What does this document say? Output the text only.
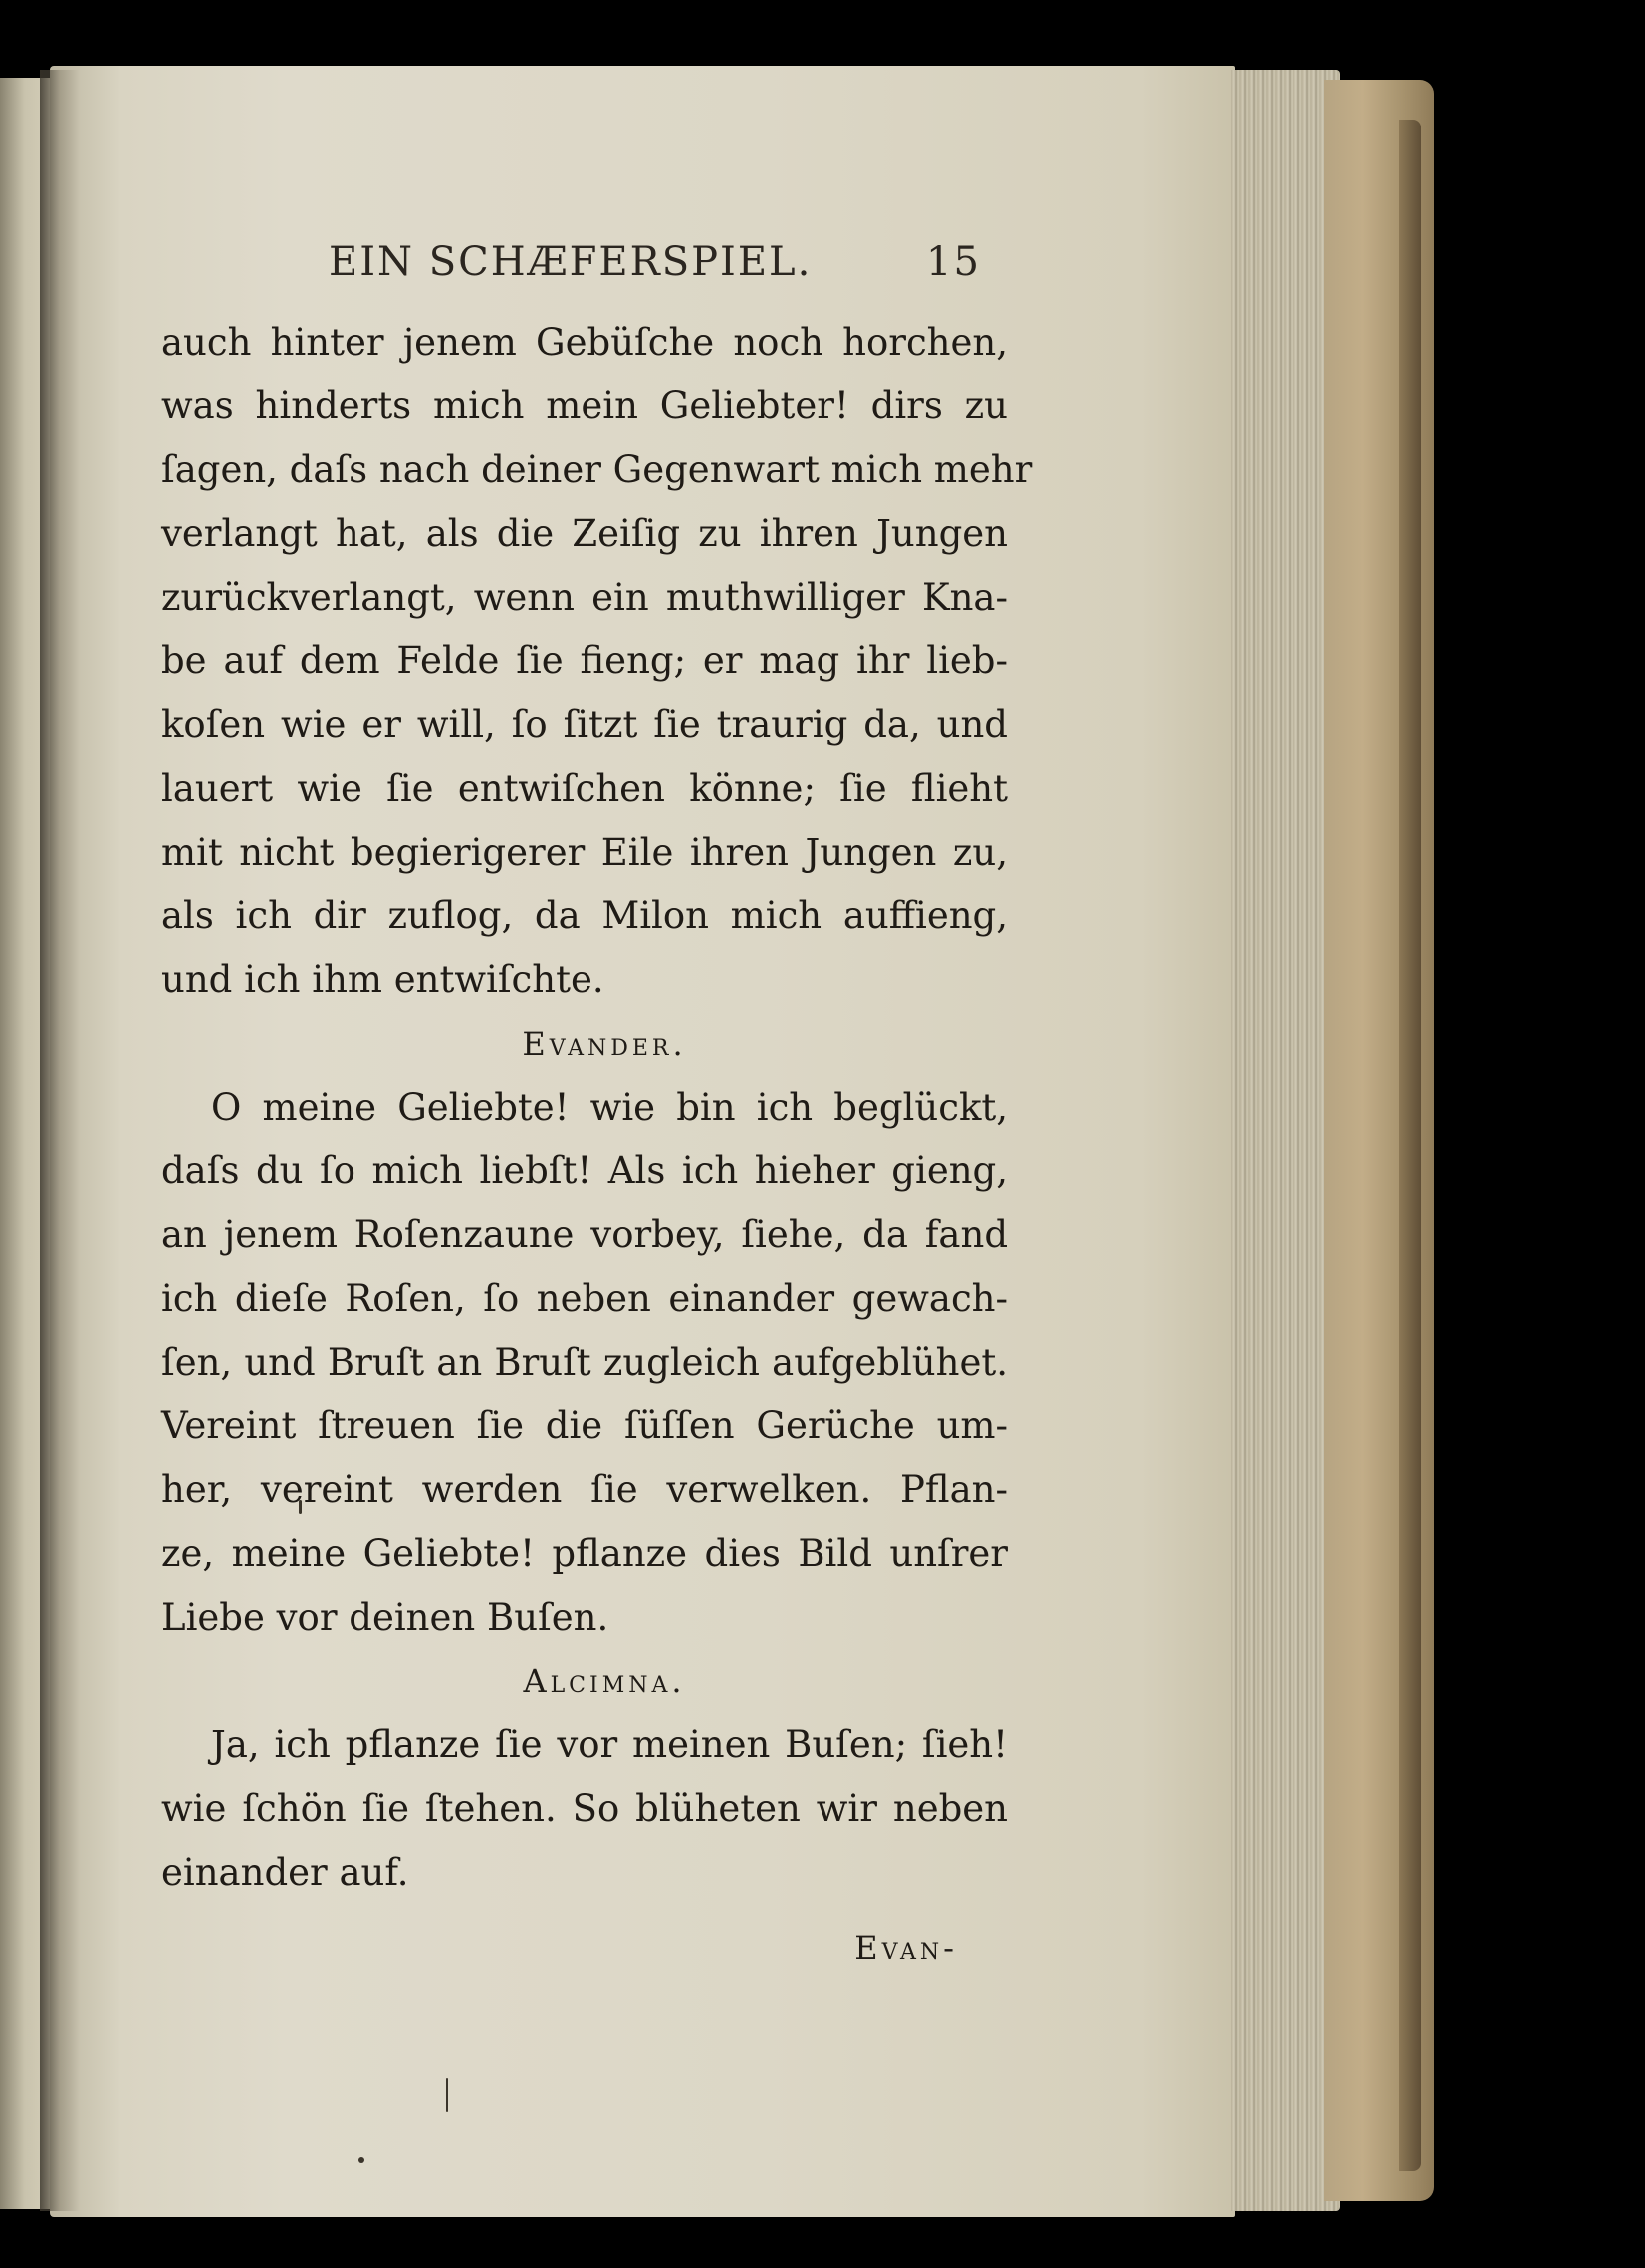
EIN SCHÆFERSPIEL.	15
auch hinter jenem Gebüſche noch horchen,
was hinderts mich mein Geliebter! dirs zu
ſagen, daſs nach deiner Gegenwart mich mehr
verlangt hat, als die Zeiſig zu ihren Jungen
zurückverlangt, wenn ein muthwilliger Kna-
be auf dem Felde ſie fieng; er mag ihr lieb-
koſen wie er will, ſo ſitzt ſie traurig da, und
lauert wie ſie entwiſchen könne; ſie flieht
mit nicht begierigerer Eile ihren Jungen zu,
als ich dir zuflog, da Milon mich auffieng,
und ich ihm entwiſchte.
Evander.
O meine Geliebte! wie bin ich beglückt,
daſs du ſo mich liebſt! Als ich hieher gieng,
an jenem Roſenzaune vorbey, ſiehe, da fand
ich dieſe Roſen, ſo neben einander gewach-
ſen, und Bruſt an Bruſt zugleich aufgeblühet.
Vereint ſtreuen ſie die ſüſſen Gerüche um-
her, vereint werden ſie verwelken. Pflan-
ze, meine Geliebte! pflanze dies Bild unſrer
Liebe vor deinen Buſen.
Alcimna.
Ja, ich pflanze ſie vor meinen Buſen; ſieh!
wie ſchön ſie ſtehen. So blüheten wir neben
einander auf.
Evan-
